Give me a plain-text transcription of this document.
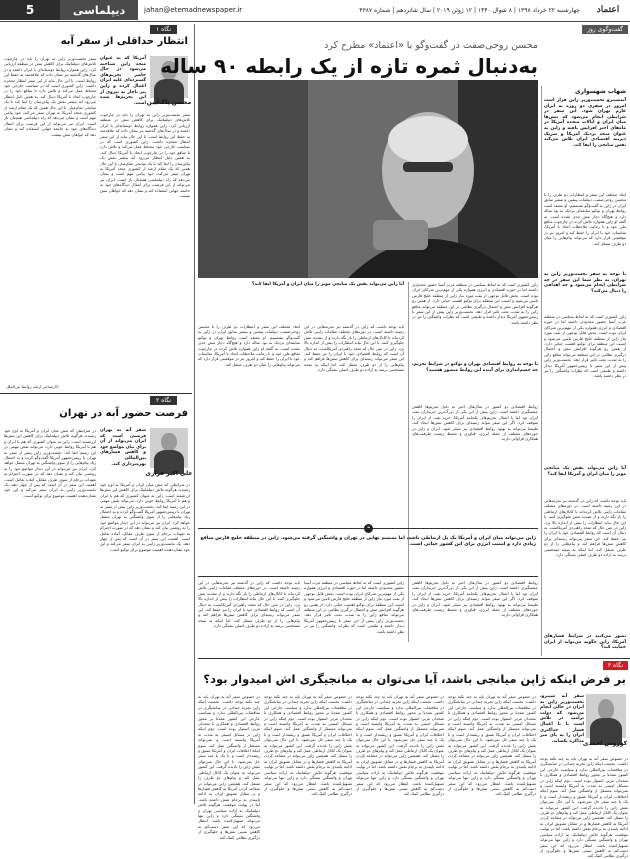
5	دیپلماسی	jahan@etemadnewspaper.ir	چهارشنبه ۲۲ خرداد ۱۳۹۸ | ۸ شوال ۱۴۴۰ | ۱۲ ژوئن ۲۰۱۹ | سال شانزدهم | شماره ۴۳۸۷	اعتماد
نگاه ۱
انتظار حداقلی از سفر آبه
محسن پاک‌آیین
آمریکا که به عنوان متحد ژاپن شناخته می‌شود در حال حاضر تحریم‌های گسترده‌ای علیه ایران اعمال کرده و ژاپن نیز ناچار به پیروی از این تحریم‌ها شده است.
سفر نخست‌وزیر ژاپن به تهران را باید در چارچوب تلاش‌های دیپلماتیک برای کاهش تنش در منطقه ارزیابی کرد. ژاپن همواره روابط دوستانه‌ای با ایران داشته و در سال‌های گذشته نیز نشان داده که علاقه‌مند به حفظ این روابط است. با این حال نباید از این سفر انتظار معجزه داشت. ژاپن کشوری است که در سیاست خارجی خود محتاط عمل می‌کند و تلاش دارد تا منافع خود را در چارچوب اتحاد با آمریکا دنبال کند. به همین دلیل انتظار می‌رود آبه بیشتر نقش یک پیام‌رسان را ایفا کند تا یک میانجی تمام‌عیار. با این حال همین که یک مقام ارشد از کشوری متحد آمریکا به تهران سفر می‌کند، خود پیامی مهم است و نشان می‌دهد که راه دیپلماسی همچنان باز است. ایران نیز می‌تواند از این فرصت برای انتقال دیدگاه‌های خود به جامعه جهانی استفاده کند و نشان دهد که خواهان تنش نیست.
سفر نخست‌وزیر ژاپن به تهران را باید در چارچوب تلاش‌های دیپلماتیک برای کاهش تنش در منطقه ارزیابی کرد. ژاپن همواره روابط دوستانه‌ای با ایران داشته و در سال‌های گذشته نیز نشان داده که علاقه‌مند به حفظ این روابط است. با این حال نباید از این سفر انتظار معجزه داشت. ژاپن کشوری است که در سیاست خارجی خود محتاط عمل می‌کند و تلاش دارد تا منافع خود را در چارچوب اتحاد با آمریکا دنبال کند. به همین دلیل انتظار می‌رود آبه بیشتر نقش یک پیام‌رسان را ایفا کند تا یک میانجی تمام‌عیار. با این حال همین که یک مقام ارشد از کشوری متحد آمریکا به تهران سفر می‌کند، خود پیامی مهم است و نشان می‌دهد که راه دیپلماسی همچنان باز است. ایران نیز می‌تواند از این فرصت برای انتقال دیدگاه‌های خود به جامعه جهانی استفاده کند و نشان دهد که خواهان تنش نیست.
کارشناس ارشد روابط بین‌الملل
نگاه ۲
فرصت حضور آبه در تهران
علی اکبر فرازی
سفر آبه به تهران فرصتی است که ایران می‌تواند از آن برای بیان مواضع خود و کاهش فشارهای بین‌المللی بهره‌برداری کند.
در شرایطی که تنش میان ایران و آمریکا به اوج خود رسیده، هرگونه تلاش دیپلماتیک برای کاهش این تنش‌ها ارزشمند است. ژاپن به عنوان کشوری که هم با ایران و هم با آمریکا روابط خوبی دارد، می‌تواند نقش مهمی در این زمینه ایفا کند. نخست‌وزیر ژاپن پیش از سفر به تهران با رییس‌جمهور آمریکا گفت‌وگو کرده و به احتمال زیاد پیام‌هایی را از سوی واشنگتن به تهران منتقل خواهد کرد. ایران نیز می‌تواند در این دیدار مواضع خود را به روشنی بیان کند و نشان دهد که در صورت احترام به تعهدات برجام از سوی طرف مقابل، آماده تعامل است. اهمیت این سفر در آن است که پس از چهار دهه، یک نخست‌وزیر ژاپنی به ایران سفر می‌کند و این خود نشان‌دهنده اهمیت موضوع برای توکیو است.
در شرایطی که تنش میان ایران و آمریکا به اوج خود رسیده، هرگونه تلاش دیپلماتیک برای کاهش این تنش‌ها ارزشمند است. ژاپن به عنوان کشوری که هم با ایران و هم با آمریکا روابط خوبی دارد، می‌تواند نقش مهمی در این زمینه ایفا کند. نخست‌وزیر ژاپن پیش از سفر به تهران با رییس‌جمهور آمریکا گفت‌وگو کرده و به احتمال زیاد پیام‌هایی را از سوی واشنگتن به تهران منتقل خواهد کرد. ایران نیز می‌تواند در این دیدار مواضع خود را به روشنی بیان کند و نشان دهد که در صورت احترام به تعهدات برجام از سوی طرف مقابل، آماده تعامل است. اهمیت این سفر در آن است که پس از چهار دهه، یک نخست‌وزیر ژاپنی به ایران سفر می‌کند و این خود نشان‌دهنده اهمیت موضوع برای توکیو است.
گفت‌و‌گوی روز
محسن روحی‌صفت در گفت‌و‌گو با «اعتماد» مطرح کرد
به‌دنبال ثمره تازه از یک رابطه ۹۰ ساله
شهاب شهسواری
آبه‌شینزو نخست‌وزیر ژاپن قرار است امروز در سفری دو روزه به ایران عازم تهران شود. این سفر در شرایطی انجام می‌شود که تنش‌ها میان ایران و ایالات متحده آمریکا در ماه‌های اخیر افزایش یافته و ژاپن به عنوان متحد نزدیک آمریکا و شریک دیرینه اقتصادی ایران تلاش می‌کند نقش میانجی را ایفا کند.
ابعاد مختلف این سفر و انتظارات دو طرف را با محسن روحی‌صفت، دیپلمات پیشین و سفیر سابق ایران در ژاپن به گفت‌و‌گو نشستیم. او معتقد است روابط تهران و توکیو سابقه‌ای نزدیک به نود ساله دارد و هیچ‌گاه دچار تنش جدی نشده است. به گفته او ژاپن همواره تلاش کرده در چارچوب منافع ملی خود و با رعایت ملاحظات اتحاد با آمریکا، مناسبات خود با ایران را حفظ کند و امروز نیز در موقعیتی قرار دارد که می‌تواند پیام‌هایی را میان دو طرف منتقل کند.
با توجه به سفر نخست‌وزیر ژاپن به تهران، به نظر شما این سفر در چه شرایطی انجام می‌شود و چه اهدافی را دنبال می‌کند؟
ژاپن کشوری است که به لحاظ سیاسی در منطقه غرب آسیا حضور محدودی داشته اما در حوزه اقتصادی و انرژی همواره یکی از مهم‌ترین شرکای ایران بوده است. بخش قابل توجهی از نفت مورد نیاز ژاپن از منطقه خلیج فارس تامین می‌شود و امنیت این منطقه برای توکیو اهمیت حیاتی دارد. از همین رو هرگونه افزایش تنش و احتمال درگیری نظامی در این منطقه می‌تواند منافع ژاپن را به شدت تحت تاثیر قرار دهد. نخست‌وزیر ژاپن پیش از این سفر با رییس‌جمهور آمریکا دیدار داشته و طبیعی است که نظرات واشنگتن را نیز در نظر داشته باشد.
آیا ژاپن می‌تواند نقش یک میانجی موثر را میان ایران و آمریکا ایفا کند؟
باید توجه داشت که ژاپن در گذشته نیز تجربه‌هایی در این زمینه داشته است. در دوره‌های مختلف مقامات ژاپنی تلاش کرده‌اند تا کانال‌های ارتباطی را باز نگه دارند و از تشدید تنش جلوگیری کنند. با این حال نباید انتظارات را بیش از اندازه بالا برد. ژاپن در عین حال که متحد راهبردی آمریکاست، به دنبال آن است که روابط اقتصادی خود با ایران را نیز حفظ کند. این سفر می‌تواند زمینه‌ای برای کاهش تنش‌ها فراهم کند و پیام‌هایی را از دو طرف منتقل کند، اما اینکه به نتیجه مشخصی برسد به اراده دو طرف اصلی بستگی دارد.
تصور می‌کنید در شرایط فشارهای آمریکا، ژاپن چگونه می‌تواند از ایران حمایت کند؟
ژاپن کشوری است که به لحاظ سیاسی در منطقه غرب آسیا حضور محدودی داشته اما در حوزه اقتصادی و انرژی همواره یکی از مهم‌ترین شرکای ایران بوده است. بخش قابل توجهی از نفت مورد نیاز ژاپن از منطقه خلیج فارس تامین می‌شود و امنیت این منطقه برای توکیو اهمیت حیاتی دارد. از همین رو هرگونه افزایش تنش و احتمال درگیری نظامی در این منطقه می‌تواند منافع ژاپن را به شدت تحت تاثیر قرار دهد. نخست‌وزیر ژاپن پیش از این سفر با رییس‌جمهور آمریکا دیدار داشته و طبیعی است که نظرات واشنگتن را نیز در نظر داشته باشد.
با توجه به روابط اقتصادی تهران و توکیو در شرایط تحریم، چه چشم‌اندازی برای آینده این روابط متصور هستید؟
روابط اقتصادی دو کشور در سال‌های اخیر به دلیل تحریم‌ها کاهش چشمگیری داشته است. ژاپن پیش از این یکی از بزرگ‌ترین خریداران نفت ایران بود اما با اعمال تحریم‌های یکجانبه آمریکا، خرید نفت از ایران را متوقف کرد. اگر این سفر بتواند زمینه‌ای برای کاهش تنش‌ها ایجاد کند، طبیعتا می‌تواند به بهبود روابط اقتصادی نیز منجر شود. ایران و ژاپن در حوزه‌های مختلف از جمله انرژی، فناوری و محیط زیست ظرفیت‌های همکاری فراوانی دارند.
آیا ژاپن می‌تواند نقش یک میانجی موثر را میان ایران و آمریکا ایفا کند؟
باید توجه داشت که ژاپن در گذشته نیز تجربه‌هایی در این زمینه داشته است. در دوره‌های مختلف مقامات ژاپنی تلاش کرده‌اند تا کانال‌های ارتباطی را باز نگه دارند و از تشدید تنش جلوگیری کنند. با این حال نباید انتظارات را بیش از اندازه بالا برد. ژاپن در عین حال که متحد راهبردی آمریکاست، به دنبال آن است که روابط اقتصادی خود با ایران را نیز حفظ کند. این سفر می‌تواند زمینه‌ای برای کاهش تنش‌ها فراهم کند و پیام‌هایی را از دو طرف منتقل کند، اما اینکه به نتیجه مشخصی برسد به اراده دو طرف اصلی بستگی دارد.
ابعاد مختلف این سفر و انتظارات دو طرف را با محسن روحی‌صفت، دیپلمات پیشین و سفیر سابق ایران در ژاپن به گفت‌و‌گو نشستیم. او معتقد است روابط تهران و توکیو سابقه‌ای نزدیک به نود ساله دارد و هیچ‌گاه دچار تنش جدی نشده است. به گفته او ژاپن همواره تلاش کرده در چارچوب منافع ملی خود و با رعایت ملاحظات اتحاد با آمریکا، مناسبات خود با ایران را حفظ کند و امروز نیز در موقعیتی قرار دارد که می‌تواند پیام‌هایی را میان دو طرف منتقل کند.
❝
ژاپن می‌تواند میان ایران و آمریکا یک پل ارتباطی باشد، اما تصمیم نهایی در تهران و واشنگتن گرفته می‌شود. ژاپن در منطقه خلیج فارس منافع زیادی دارد و امنیت انرژی برای این کشور حیاتی است.
روابط اقتصادی دو کشور در سال‌های اخیر به دلیل تحریم‌ها کاهش چشمگیری داشته است. ژاپن پیش از این یکی از بزرگ‌ترین خریداران نفت ایران بود اما با اعمال تحریم‌های یکجانبه آمریکا، خرید نفت از ایران را متوقف کرد. اگر این سفر بتواند زمینه‌ای برای کاهش تنش‌ها ایجاد کند، طبیعتا می‌تواند به بهبود روابط اقتصادی نیز منجر شود. ایران و ژاپن در حوزه‌های مختلف از جمله انرژی، فناوری و محیط زیست ظرفیت‌های همکاری فراوانی دارند.
ژاپن کشوری است که به لحاظ سیاسی در منطقه غرب آسیا حضور محدودی داشته اما در حوزه اقتصادی و انرژی همواره یکی از مهم‌ترین شرکای ایران بوده است. بخش قابل توجهی از نفت مورد نیاز ژاپن از منطقه خلیج فارس تامین می‌شود و امنیت این منطقه برای توکیو اهمیت حیاتی دارد. از همین رو هرگونه افزایش تنش و احتمال درگیری نظامی در این منطقه می‌تواند منافع ژاپن را به شدت تحت تاثیر قرار دهد. نخست‌وزیر ژاپن پیش از این سفر با رییس‌جمهور آمریکا دیدار داشته و طبیعی است که نظرات واشنگتن را نیز در نظر داشته باشد.
باید توجه داشت که ژاپن در گذشته نیز تجربه‌هایی در این زمینه داشته است. در دوره‌های مختلف مقامات ژاپنی تلاش کرده‌اند تا کانال‌های ارتباطی را باز نگه دارند و از تشدید تنش جلوگیری کنند. با این حال نباید انتظارات را بیش از اندازه بالا برد. ژاپن در عین حال که متحد راهبردی آمریکاست، به دنبال آن است که روابط اقتصادی خود با ایران را نیز حفظ کند. این سفر می‌تواند زمینه‌ای برای کاهش تنش‌ها فراهم کند و پیام‌هایی را از دو طرف منتقل کند، اما اینکه به نتیجه مشخصی برسد به اراده دو طرف اصلی بستگی دارد.
نگاه ۳
بر فرض اینکه ژاپن میانجی باشد، آیا می‌توان به میانجیگری اش امیدوار بود؟
کوروش احمدی
سفر آبه شینزو، نخست‌وزیر ژاپن به ایران در حالی انجام می‌شود که دولت ترامپ در تلاش است تا با اعمال فشار حداکثری ایران را به پای میز مذاکره بکشاند.
در خصوص سفر آبه به تهران باید به چند نکته توجه داشت. نخست اینکه ژاپن تجربه چندانی در میانجیگری در مناقشات بین‌المللی ندارد و سیاست خارجی این کشور عمدتا بر محور روابط اقتصادی و همکاری با متحدان غربی استوار بوده است. دوم اینکه ژاپن در مسائل امنیتی به شدت به آمریکا وابسته است و نمی‌تواند مستقل از واشنگتن عمل کند. سوم اینکه اختلافات ایران و آمریکا عمیق و ریشه‌دار است و با یک یا چند سفر حل نمی‌شود. با این حال نمی‌توان نقش ژاپن را نادیده گرفت. این کشور می‌تواند به عنوان یک کانال ارتباطی عمل کند و پیام‌های دو طرف را منتقل کند. همچنین ژاپن می‌تواند در متقاعد کردن آمریکا به کاهش فشارها و در مقابل تشویق ایران به ادامه پایبندی به برجام نقش داشته باشد. اما در نهایت موفقیت هرگونه تلاش دیپلماتیک به اراده سیاسی تهران و واشنگتن بستگی دارد و ژاپن تنها می‌تواند تسهیل‌کننده باشد. انتظار می‌رود که این سفر دست‌کم به کاهش نسبی تنش‌ها و جلوگیری از درگیری نظامی کمک کند.
در خصوص سفر آبه به تهران باید به چند نکته توجه داشت. نخست اینکه ژاپن تجربه چندانی در میانجیگری در مناقشات بین‌المللی ندارد و سیاست خارجی این کشور عمدتا بر محور روابط اقتصادی و همکاری با متحدان غربی استوار بوده است. دوم اینکه ژاپن در مسائل امنیتی به شدت به آمریکا وابسته است و نمی‌تواند مستقل از واشنگتن عمل کند. سوم اینکه اختلافات ایران و آمریکا عمیق و ریشه‌دار است و با یک یا چند سفر حل نمی‌شود. با این حال نمی‌توان نقش ژاپن را نادیده گرفت. این کشور می‌تواند به عنوان یک کانال ارتباطی عمل کند و پیام‌های دو طرف را منتقل کند. همچنین ژاپن می‌تواند در متقاعد کردن آمریکا به کاهش فشارها و در مقابل تشویق ایران به ادامه پایبندی به برجام نقش داشته باشد. اما در نهایت موفقیت هرگونه تلاش دیپلماتیک به اراده سیاسی تهران و واشنگتن بستگی دارد و ژاپن تنها می‌تواند تسهیل‌کننده باشد. انتظار می‌رود که این سفر دست‌کم به کاهش نسبی تنش‌ها و جلوگیری از درگیری نظامی کمک کند.
در خصوص سفر آبه به تهران باید به چند نکته توجه داشت. نخست اینکه ژاپن تجربه چندانی در میانجیگری در مناقشات بین‌المللی ندارد و سیاست خارجی این کشور عمدتا بر محور روابط اقتصادی و همکاری با متحدان غربی استوار بوده است. دوم اینکه ژاپن در مسائل امنیتی به شدت به آمریکا وابسته است و نمی‌تواند مستقل از واشنگتن عمل کند. سوم اینکه اختلافات ایران و آمریکا عمیق و ریشه‌دار است و با یک یا چند سفر حل نمی‌شود. با این حال نمی‌توان نقش ژاپن را نادیده گرفت. این کشور می‌تواند به عنوان یک کانال ارتباطی عمل کند و پیام‌های دو طرف را منتقل کند. همچنین ژاپن می‌تواند در متقاعد کردن آمریکا به کاهش فشارها و در مقابل تشویق ایران به ادامه پایبندی به برجام نقش داشته باشد. اما در نهایت موفقیت هرگونه تلاش دیپلماتیک به اراده سیاسی تهران و واشنگتن بستگی دارد و ژاپن تنها می‌تواند تسهیل‌کننده باشد. انتظار می‌رود که این سفر دست‌کم به کاهش نسبی تنش‌ها و جلوگیری از درگیری نظامی کمک کند.
در خصوص سفر آبه به تهران باید به چند نکته توجه داشت. نخست اینکه ژاپن تجربه چندانی در میانجیگری در مناقشات بین‌المللی ندارد و سیاست خارجی این کشور عمدتا بر محور روابط اقتصادی و همکاری با متحدان غربی استوار بوده است. دوم اینکه ژاپن در مسائل امنیتی به شدت به آمریکا وابسته است و نمی‌تواند مستقل از واشنگتن عمل کند. سوم اینکه اختلافات ایران و آمریکا عمیق و ریشه‌دار است و با یک یا چند سفر حل نمی‌شود. با این حال نمی‌توان نقش ژاپن را نادیده گرفت. این کشور می‌تواند به عنوان یک کانال ارتباطی عمل کند و پیام‌های دو طرف را منتقل کند. همچنین ژاپن می‌تواند در متقاعد کردن آمریکا به کاهش فشارها و در مقابل تشویق ایران به ادامه پایبندی به برجام نقش داشته باشد. اما در نهایت موفقیت هرگونه تلاش دیپلماتیک به اراده سیاسی تهران و واشنگتن بستگی دارد و ژاپن تنها می‌تواند تسهیل‌کننده باشد. انتظار می‌رود که این سفر دست‌کم به کاهش نسبی تنش‌ها و جلوگیری از درگیری نظامی کمک کند.
در خصوص سفر آبه به تهران باید به چند نکته توجه داشت. نخست اینکه ژاپن تجربه چندانی در میانجیگری در مناقشات بین‌المللی ندارد و سیاست خارجی این کشور عمدتا بر محور روابط اقتصادی و همکاری با متحدان غربی استوار بوده است. دوم اینکه ژاپن در مسائل امنیتی به شدت به آمریکا وابسته است و نمی‌تواند مستقل از واشنگتن عمل کند. سوم اینکه اختلافات ایران و آمریکا عمیق و ریشه‌دار است و با یک یا چند سفر حل نمی‌شود. با این حال نمی‌توان نقش ژاپن را نادیده گرفت. این کشور می‌تواند به عنوان یک کانال ارتباطی عمل کند و پیام‌های دو طرف را منتقل کند. همچنین ژاپن می‌تواند در متقاعد کردن آمریکا به کاهش فشارها و در مقابل تشویق ایران به ادامه پایبندی به برجام نقش داشته باشد. اما در نهایت موفقیت هرگونه تلاش دیپلماتیک به اراده سیاسی تهران و واشنگتن بستگی دارد و ژاپن تنها می‌تواند تسهیل‌کننده باشد. انتظار می‌رود که این سفر دست‌کم به کاهش نسبی تنش‌ها و جلوگیری از درگیری نظامی کمک کند.
